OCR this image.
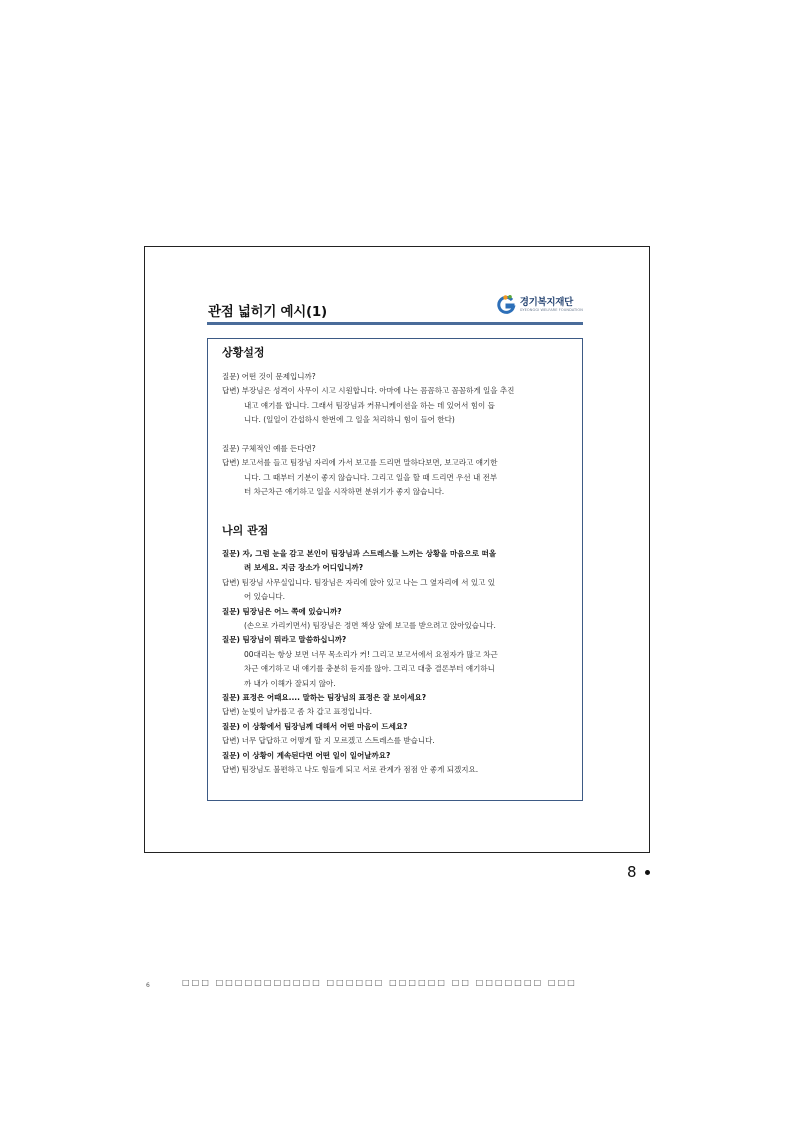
관점 넓히기 예시(1)
경기복지재단
GYEONGGI WELFARE FOUNDATION
상황설정
질문) 어떤 것이 문제입니까?
답변) 부장님은 성격이 사무이 시고 시원합니다. 아마에 나는 꼼꼼하고 꼼꼼하게 일을 추진
내고 얘기를 합니다. 그래서 팀장님과 커뮤니케이션을 하는 데 있어서 힘이 듭
니다. (일일이 간섭하시 한번에 그 일을 처리하니 힘이 들어 한다)

질문) 구체적인 예를 든다면?
답변) 보고서를 들고 팀장님 자리에 가서 보고를 드리면 말하다보면, 보고라고 얘기한
니다. 그 때부터 기분이 좋지 않습니다. 그리고 일을 할 때 드리면 우선 내 전부
터 차근차근 얘기하고 일을 시작하면 분위기가 좋지 않습니다.
나의 관점
질문) 자, 그럼 눈을 감고 본인이 팀장님과 스트레스를 느끼는 상황을 마음으로 떠올
려 보세요. 지금 장소가 어디입니까?
답변) 팀장님 사무실입니다. 팀장님은 자리에 앉아 있고 나는 그 옆자리에 서 있고 있
어 있습니다.
질문) 팀장님은 어느 쪽에 있습니까?
(손으로 가리키면서) 팀장님은 정면 책상 앞에 보고를 받으려고 앉아있습니다.
질문) 팀장님이 뭐라고 말씀하십니까?
00대리는 항상 보면 너무 목소리가 커! 그리고 보고서에서 요점자가 많고 차근
차근 얘기하고 내 얘기를 충분히 듣지를 않아. 그리고 대충 결론부터 얘기하니
까 내가 이해가 잘되지 않아.
질문) 표정은 어때요.... 말하는 팀장님의 표정은 잘 보이세요?
답변) 눈빛이 날카롭고 좀 차 갑고 표정입니다.
질문) 이 상황에서 팀장님께 대해서 어떤 마음이 드세요?
답변) 너무 답답하고 어떻게 할 지 모르겠고 스트레스를 받습니다.
질문) 이 상황이 계속된다면 어떤 일이 일어날까요?
답변) 팀장님도 불편하고 나도 힘들게 되고 서로 관계가 점점 안 좋게 되겠지요.
8
6	□□□ □□□□□□□□□□□ □□□□□□ □□□□□□ □□ □□□□□□□ □□□
